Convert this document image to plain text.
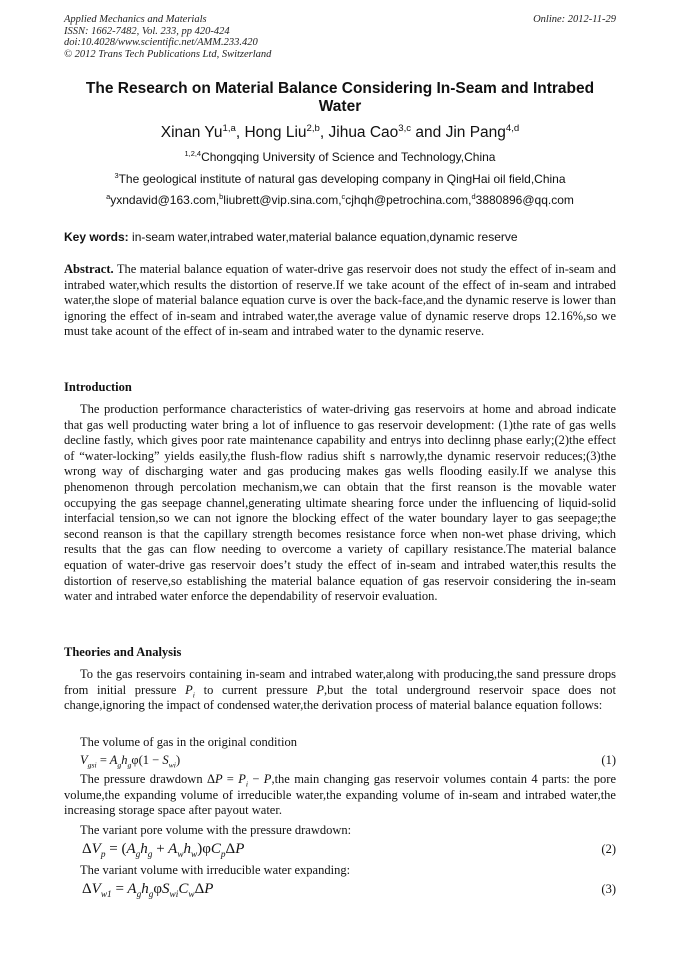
Applied Mechanics and Materials
ISSN: 1662-7482, Vol. 233, pp 420-424
doi:10.4028/www.scientific.net/AMM.233.420
© 2012 Trans Tech Publications Ltd, Switzerland
Online: 2012-11-29
The Research on Material Balance Considering In-Seam and Intrabed Water
Xinan Yu$^{1,a}$, Hong Liu$^{2,b}$, Jihua Cao$^{3,c}$ and Jin Pang$^{4,d}$
$^{1,2,4}$Chongqing University of Science and Technology,China
$^3$The geological institute of natural gas developing company in QingHai oil field,China
$^a$yxndavid@163.com,$^b$liubrett@vip.sina.com,$^c$cjhqh@petrochina.com,$^d$3880896@qq.com
Key words: in-seam water,intrabed water,material balance equation,dynamic reserve
Abstract. The material balance equation of water-drive gas reservoir does not study the effect of in-seam and intrabed water,which results the distortion of reserve.If we take acount of the effect of in-seam and intrabed water,the slope of material balance equation curve is over the back-face,and the dynamic reserve is lower than ignoring the effect of in-seam and intrabed water,the average value of dynamic reserve drops 12.16%,so we must take acount of the effect of in-seam and intrabed water to the dynamic reserve.
Introduction
The production performance characteristics of water-driving gas reservoirs at home and abroad indicate that gas well producting water bring a lot of influence to gas reservoir development: (1)the rate of gas wells decline fastly, which gives poor rate maintenance capability and entrys into declinng phase early;(2)the effect of “water-locking” yields easily,the flush-flow radius shift s narrowly,the dynamic reservoir reduces;(3)the wrong way of discharging water and gas producing makes gas wells flooding easily.If we analyse this phenomenon through percolation mechanism,we can obtain that the first reanson is the movable water occupying the gas seepage channel,generating ultimate shearing force under the influencing of liquid-solid interfacial tension,so we can not ignore the blocking effect of the water boundary layer to gas seepage;the second reanson is that the capillary strength becomes resistance force when non-wet phase driving, which results that the gas can flow needing to overcome a variety of capillary resistance.The material balance equation of water-drive gas reservoir does’t study the effect of in-seam and intrabed water,this results the distortion of reserve,so establishing the material balance equation of gas reservoir considering the in-seam water and intrabed water enforce the dependability of reservoir evaluation.
Theories and Analysis
To the gas reservoirs containing in-seam and intrabed water,along with producing,the sand pressure drops from initial pressure $P_i$ to current pressure P,but the total underground reservoir space does not change,ignoring the impact of condensed water,the derivation process of material balance equation follows:
The volume of gas in the original condition
$V_{gsi} = A_gh_g\varphi(1 - S_{wi})$	(1)
The pressure drawdown $\Delta P = P_i - P,the$ main changing gas reservoir volumes contain 4 parts: the pore volume,the expanding volume of irreducible water,the expanding volume of in-seam and intrabed water,the increasing storage space after payout water.
The variant pore volume with the pressure drawdown:
$\Delta V_p = (A_gh_g + A_wh_w)\varphi C_p\Delta P$	(2)
The variant volume with irreducible water expanding:
$\Delta V_{w1} = A_gh_g\varphi S_{wi}C_w\Delta P$	(3)
